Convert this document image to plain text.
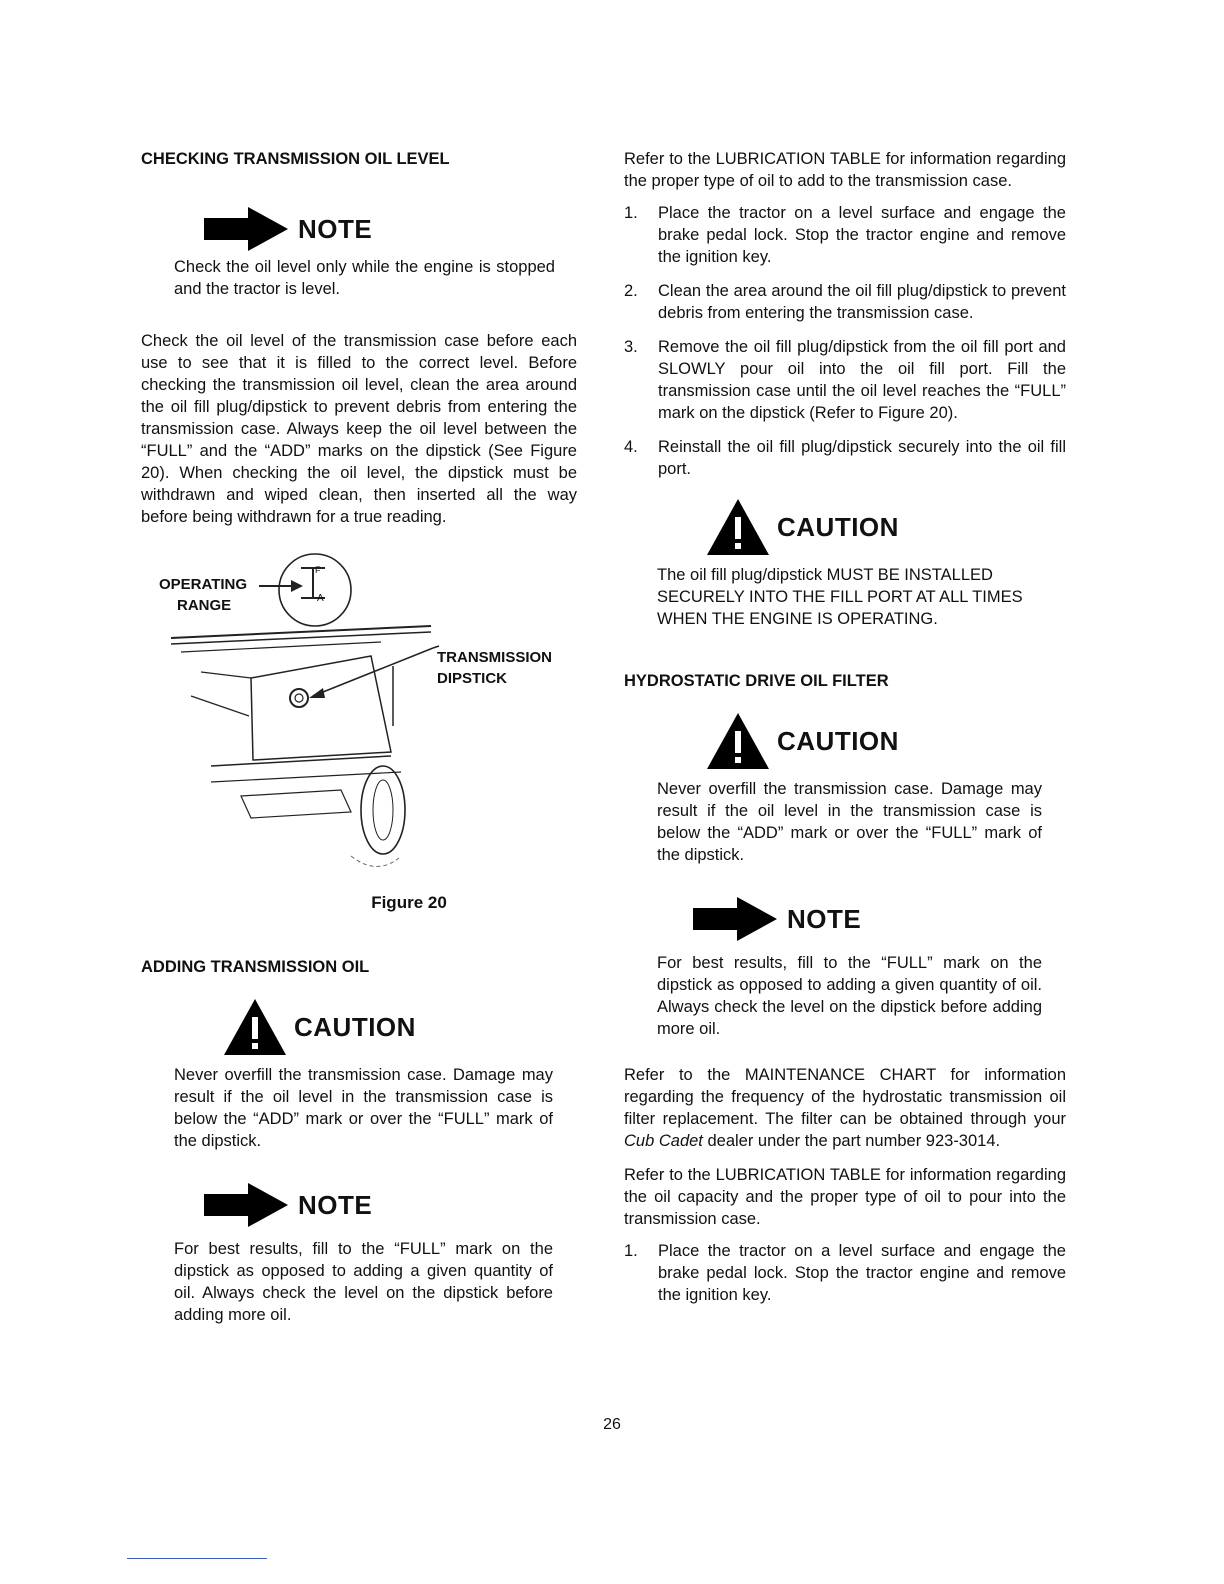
CHECKING TRANSMISSION OIL LEVEL
NOTE

Check the oil level only while the engine is stopped and the tractor is level.

Check the oil level of the transmission case before each use to see that it is filled to the correct level. Before checking the transmission oil level, clean the area around the oil fill plug/dipstick to prevent debris from entering the transmission case. Always keep the oil level between the “FULL” and the “ADD” marks on the dipstick (See Figure 20). When checking the oil level, the dipstick must be withdrawn and wiped clean, then inserted all the way before being withdrawn for a true reading.

OPERATING
RANGE
F
A
TRANSMISSION
DIPSTICK
Figure 20
ADDING TRANSMISSION OIL
CAUTION

Never overfill the transmission case. Damage may result if the oil level in the transmission case is below the “ADD” mark or over the “FULL” mark of the dipstick.

NOTE

For best results, fill to the “FULL” mark on the dipstick as opposed to adding a given quantity of oil. Always check the level on the dipstick before adding more oil.

Refer to the LUBRICATION TABLE for information regarding the proper type of oil to add to the transmission case.

1.	Place the tractor on a level surface and engage the brake pedal lock. Stop the tractor engine and remove the ignition key.
2.	Clean the area around the oil fill plug/dipstick to prevent debris from entering the transmission case.
3.	Remove the oil fill plug/dipstick from the oil fill port and SLOWLY pour oil into the oil fill port. Fill the transmission case until the oil level reaches the “FULL” mark on the dipstick (Refer to Figure 20).
4.	Reinstall the oil fill plug/dipstick securely into the oil fill port.
CAUTION

The oil fill plug/dipstick MUST BE INSTALLED SECURELY INTO THE FILL PORT AT ALL TIMES WHEN THE ENGINE IS OPERATING.

HYDROSTATIC DRIVE OIL FILTER
CAUTION

Never overfill the transmission case. Damage may result if the oil level in the transmission case is below the “ADD” mark or over the “FULL” mark of the dipstick.

NOTE

For best results, fill to the “FULL” mark on the dipstick as opposed to adding a given quantity of oil. Always check the level on the dipstick before adding more oil.

Refer to the MAINTENANCE CHART for information regarding the frequency of the hydrostatic transmission oil filter replacement. The filter can be obtained through your Cub Cadet dealer under the part number 923-3014.

Refer to the LUBRICATION TABLE for information regarding the oil capacity and the proper type of oil to pour into the transmission case.

1.	Place the tractor on a level surface and engage the brake pedal lock. Stop the tractor engine and remove the ignition key.
26
